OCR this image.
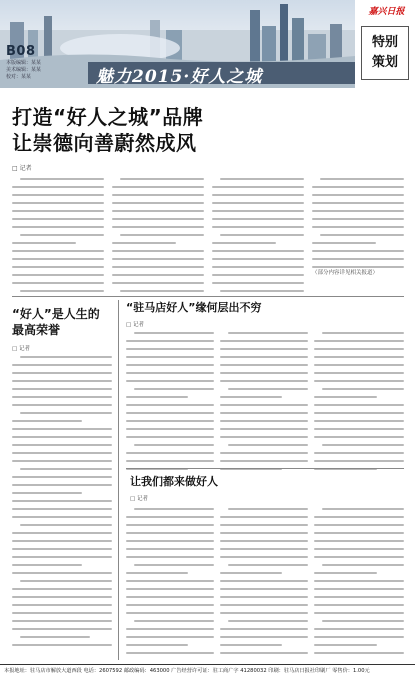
B08
本版编辑：某某
美术编辑：某某
校对：某某	魅力2015·好人之城
嘉兴日报
特别
策划
打造“好人之城”品牌
让崇德向善蔚然成风
□ 记者
（部分内容详见相关报道）
“好人”是人生的
最高荣誉
□ 记者
“驻马店好人”缘何层出不穷
□ 记者
让我们都来做好人
□ 记者
本报地址：驻马店市解放大道西段 电话：2607592 邮政编码：463000 广告经营许可证：驻工商广字 41280032 印刷：驻马店日报社印刷厂 零售价：1.00元
